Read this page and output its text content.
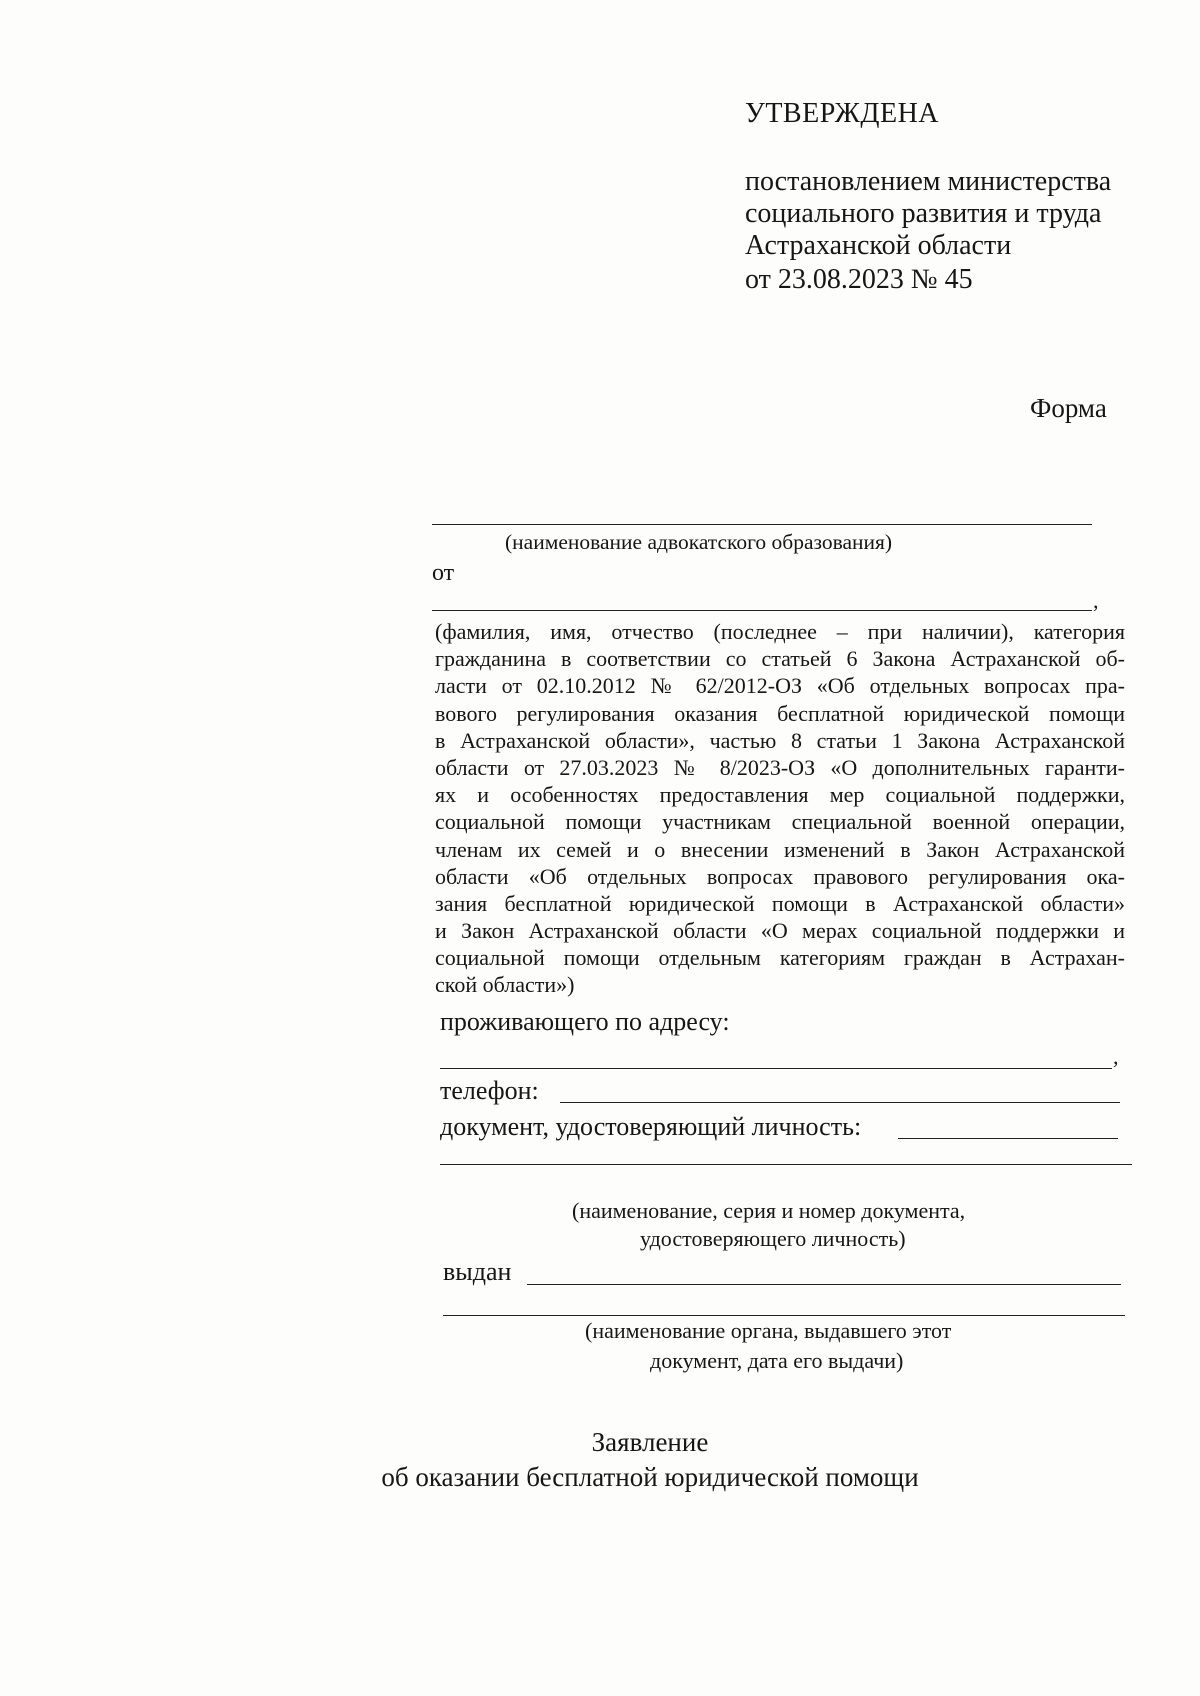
УТВЕРЖДЕНА
постановлением министерства
социального развития и труда
Астраханской области
от 23.08.2023 № 45
Форма
(наименование адвокатского образования)
от
,
(фамилия, имя, отчество (последнее – при наличии), категория
гражданина в соответствии со статьей 6 Закона Астраханской об-
ласти от 02.10.2012 № 62/2012-ОЗ «Об отдельных вопросах пра-
вового регулирования оказания бесплатной юридической помощи
в Астраханской области», частью 8 статьи 1 Закона Астраханской
области от 27.03.2023 № 8/2023-ОЗ «О дополнительных гаранти-
ях и особенностях предоставления мер социальной поддержки,
социальной помощи участникам специальной военной операции,
членам их семей и о внесении изменений в Закон Астраханской
области «Об отдельных вопросах правового регулирования ока-
зания бесплатной юридической помощи в Астраханской области»
и Закон Астраханской области «О мерах социальной поддержки и
социальной помощи отдельным категориям граждан в Астрахан-
ской области»)
проживающего по адресу:
,
телефон:
документ, удостоверяющий личность:
(наименование, серия и номер документа,
удостоверяющего личность)
выдан
(наименование органа, выдавшего этот
документ, дата его выдачи)
Заявление
об оказании бесплатной юридической помощи
